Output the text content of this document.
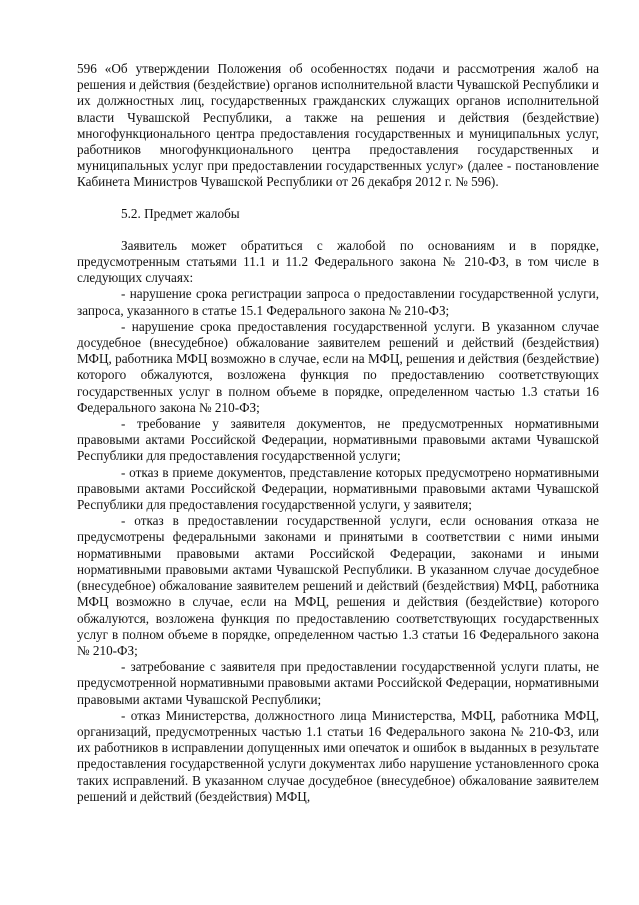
596 «Об утверждении Положения об особенностях подачи и рассмотрения жалоб на решения и действия (бездействие) органов исполнительной власти Чувашской Республики и их должностных лиц, государственных гражданских служащих органов исполнительной власти Чувашской Республики, а также на решения и действия (бездействие) многофункционального центра предоставления государственных и муниципальных услуг, работников многофункционального центра предоставления государственных и муниципальных услуг при предоставлении государственных услуг» (далее - постановление Кабинета Министров Чувашской Республики от 26 декабря 2012 г. № 596).

5.2. Предмет жалобы

Заявитель может обратиться с жалобой по основаниям и в порядке, предусмотренным статьями 11.1 и 11.2 Федерального закона № 210-ФЗ, в том числе в следующих случаях:

- нарушение срока регистрации запроса о предоставлении государственной услуги, запроса, указанного в статье 15.1 Федерального закона № 210-ФЗ;

- нарушение срока предоставления государственной услуги. В указанном случае досудебное (внесудебное) обжалование заявителем решений и действий (бездействия) МФЦ, работника МФЦ возможно в случае, если на МФЦ, решения и действия (бездействие) которого обжалуются, возложена функция по предоставлению соответствующих государственных услуг в полном объеме в порядке, определенном частью 1.3 статьи 16 Федерального закона № 210-ФЗ;

- требование у заявителя документов, не предусмотренных нормативными правовыми актами Российской Федерации, нормативными правовыми актами Чувашской Республики для предоставления государственной услуги;

- отказ в приеме документов, представление которых предусмотрено нормативными правовыми актами Российской Федерации, нормативными правовыми актами Чувашской Республики для предоставления государственной услуги, у заявителя;

- отказ в предоставлении государственной услуги, если основания отказа не предусмотрены федеральными законами и принятыми в соответствии с ними иными нормативными правовыми актами Российской Федерации, законами и иными нормативными правовыми актами Чувашской Республики. В указанном случае досудебное (внесудебное) обжалование заявителем решений и действий (бездействия) МФЦ, работника МФЦ возможно в случае, если на МФЦ, решения и действия (бездействие) которого обжалуются, возложена функция по предоставлению соответствующих государственных услуг в полном объеме в порядке, определенном частью 1.3 статьи 16 Федерального закона № 210-ФЗ;

- затребование с заявителя при предоставлении государственной услуги платы, не предусмотренной нормативными правовыми актами Российской Федерации, нормативными правовыми актами Чувашской Республики;

- отказ Министерства, должностного лица Министерства, МФЦ, работника МФЦ, организаций, предусмотренных частью 1.1 статьи 16 Федерального закона № 210-ФЗ, или их работников в исправлении допущенных ими опечаток и ошибок в выданных в результате предоставления государственной услуги документах либо нарушение установленного срока таких исправлений. В указанном случае досудебное (внесудебное) обжалование заявителем решений и действий (бездействия) МФЦ,
